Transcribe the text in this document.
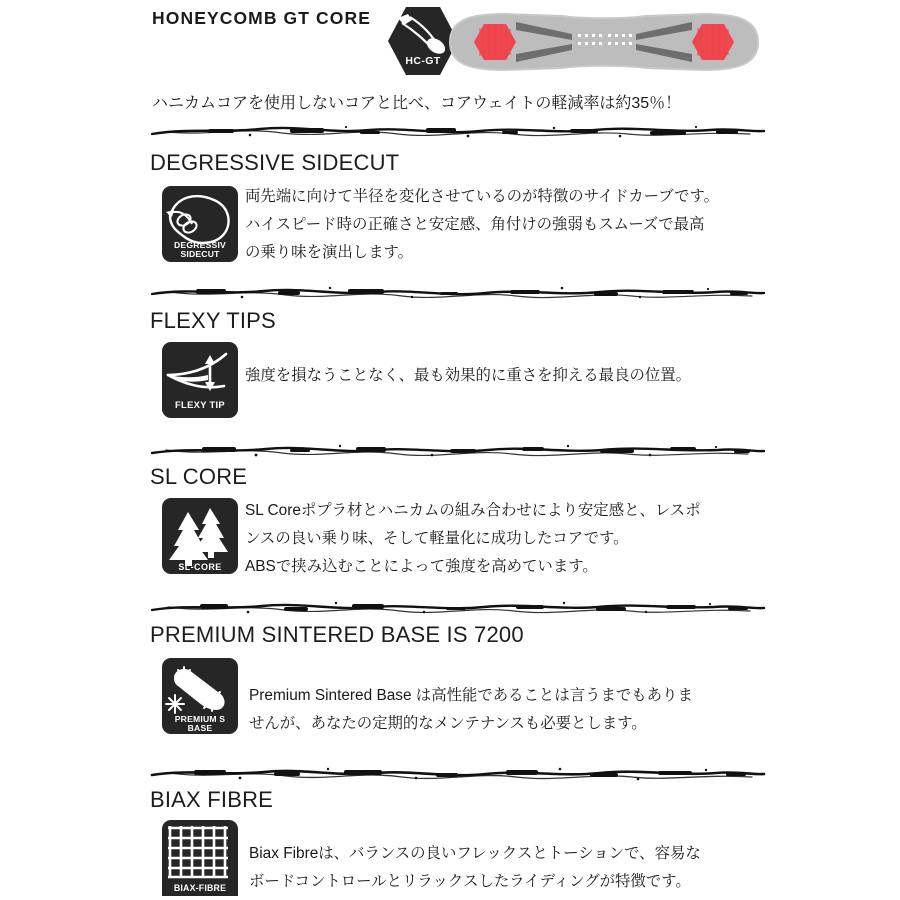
HONEYCOMB GT CORE
HC-GT
ハニカムコアを使用しないコアと比べ、コアウェイトの軽減率は約35％！
DEGRESSIVE SIDECUT
DEGRESSIV
SIDECUT

両先端に向けて半径を変化させているのが特徴のサイドカーブです。

ハイスピード時の正確さと安定感、角付けの強弱もスムーズで最高

の乗り味を演出します。

FLEXY TIPS
FLEXY TIP

強度を損なうことなく、最も効果的に重さを抑える最良の位置。

SL CORE
SL-CORE

SL Coreポプラ材とハニカムの組み合わせにより安定感と、レスポ

ンスの良い乗り味、そして軽量化に成功したコアです。

ABSで挟み込むことによって強度を高めています。

PREMIUM SINTERED BASE IS 7200
PREMIUM S
BASE

Premium Sintered Base は高性能であることは言うまでもありま

せんが、あなたの定期的なメンテナンスも必要とします。

BIAX FIBRE
BIAX-FIBRE

Biax Fibreは、バランスの良いフレックスとトーションで、容易な

ボードコントロールとリラックスしたライディングが特徴です。
